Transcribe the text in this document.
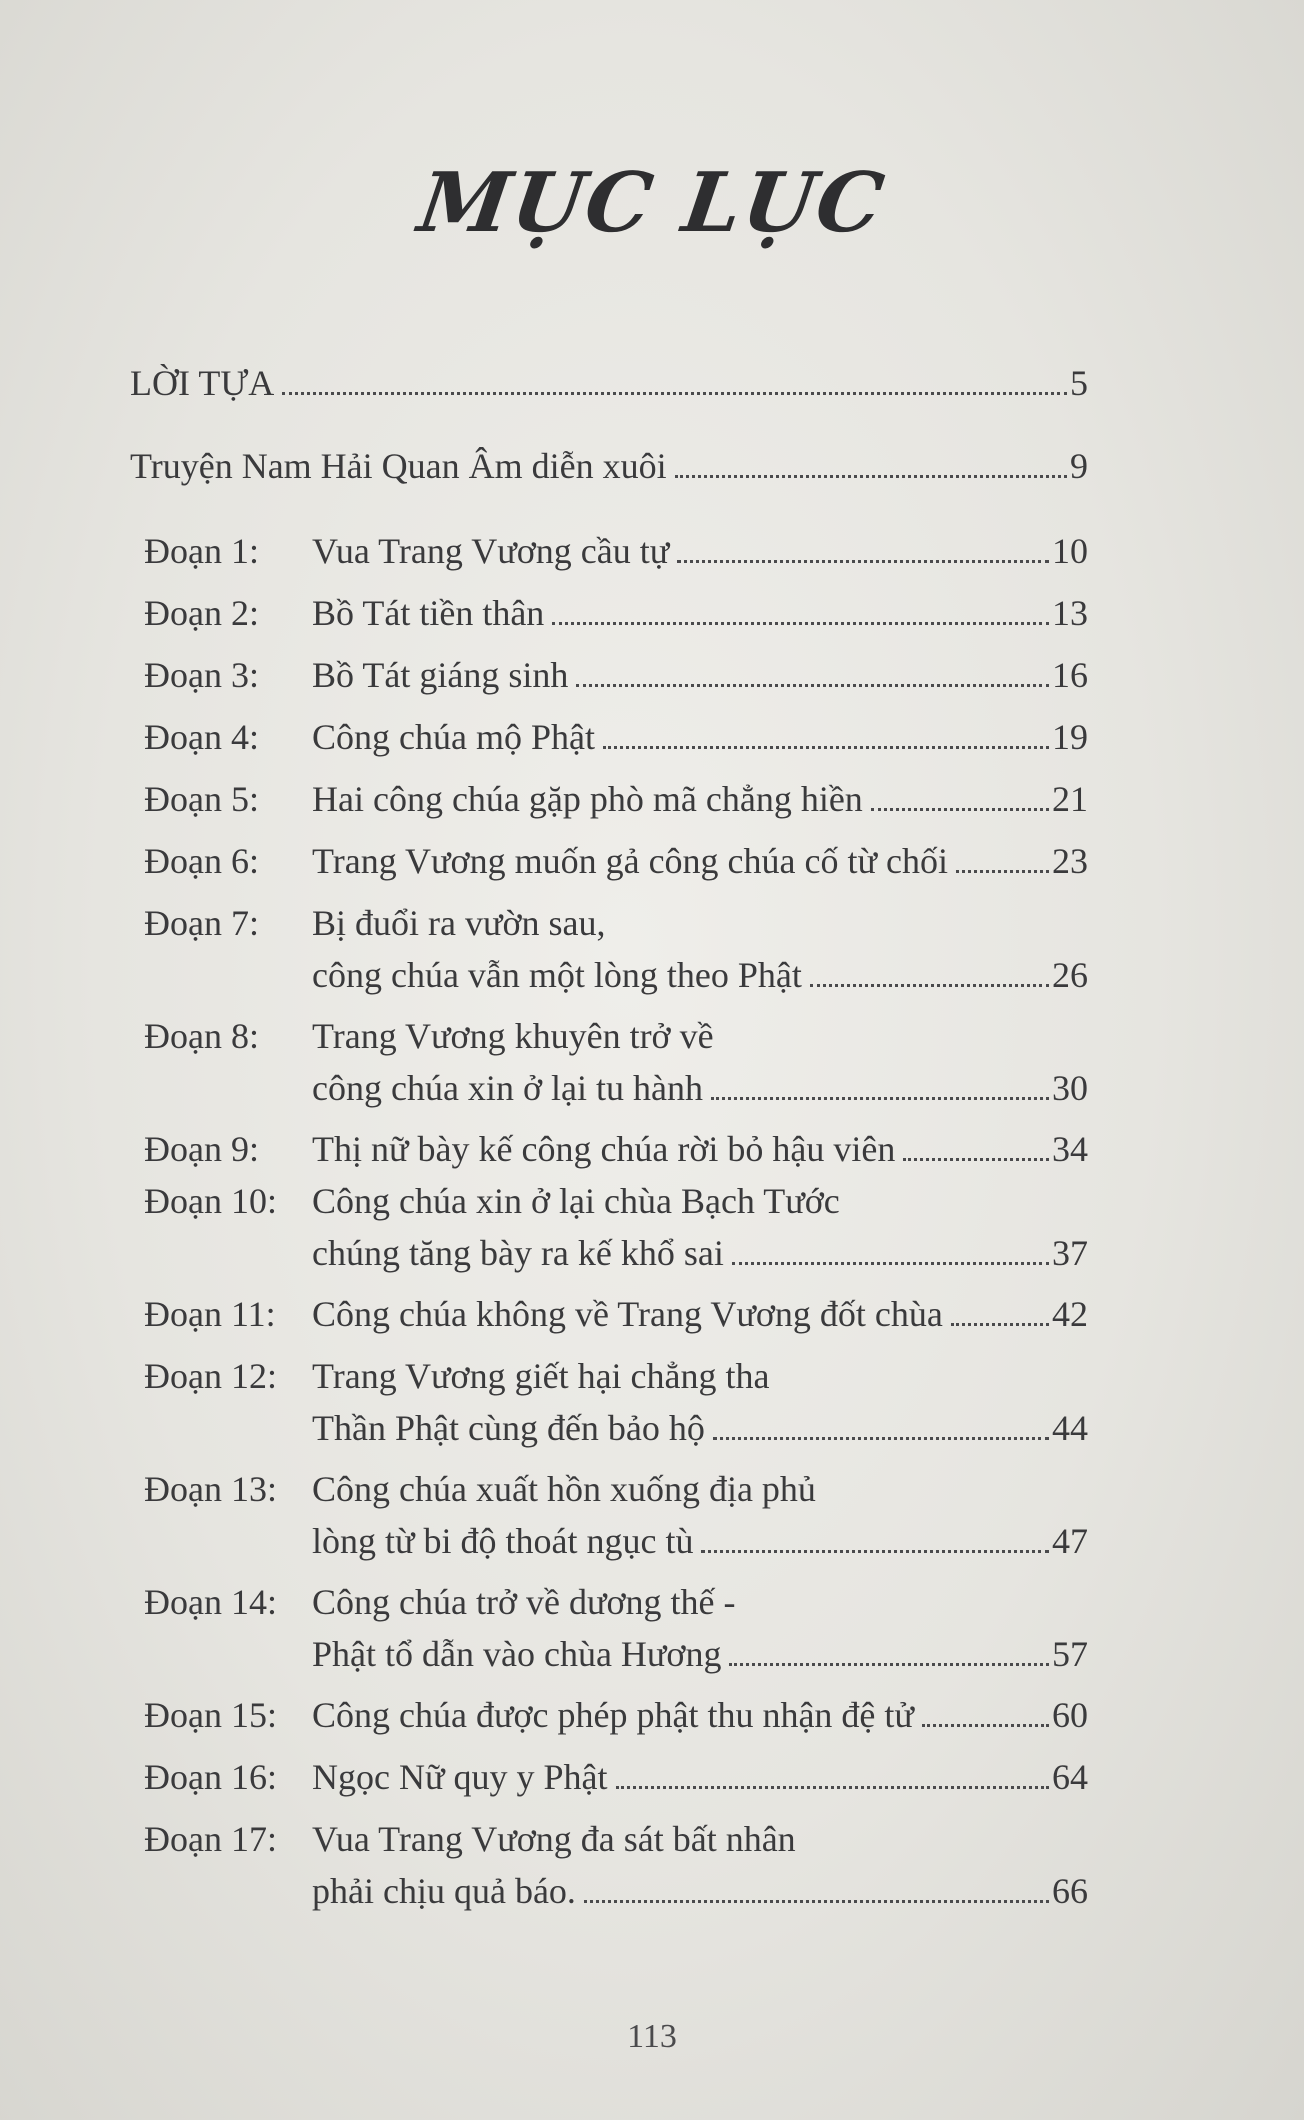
MỤC LỤC
LỜI TỰA	5
Truyện Nam Hải Quan Âm diễn xuôi	9
Đoạn 1: Vua Trang Vương cầu tự	10
Đoạn 2: Bồ Tát tiền thân	13
Đoạn 3: Bồ Tát giáng sinh	16
Đoạn 4: Công chúa mộ Phật	19
Đoạn 5: Hai công chúa gặp phò mã chẳng hiền	21
Đoạn 6: Trang Vương muốn gả công chúa cố từ chối	23
Đoạn 7: Bị đuổi ra vườn sau,
công chúa vẫn một lòng theo Phật	26
Đoạn 8: Trang Vương khuyên trở về
công chúa xin ở lại tu hành	30
Đoạn 9: Thị nữ bày kế công chúa rời bỏ hậu viên	34
Đoạn 10: Công chúa xin ở lại chùa Bạch Tước
chúng tăng bày ra kế khổ sai	37
Đoạn 11: Công chúa không về Trang Vương đốt chùa	42
Đoạn 12: Trang Vương giết hại chẳng tha
Thần Phật cùng đến bảo hộ	44
Đoạn 13: Công chúa xuất hồn xuống địa phủ
lòng từ bi độ thoát ngục tù	47
Đoạn 14: Công chúa trở về dương thế -
Phật tổ dẫn vào chùa Hương	57
Đoạn 15: Công chúa được phép phật thu nhận đệ tử	60
Đoạn 16: Ngọc Nữ quy y Phật	64
Đoạn 17: Vua Trang Vương đa sát bất nhân
phải chịu quả báo.	66
113
